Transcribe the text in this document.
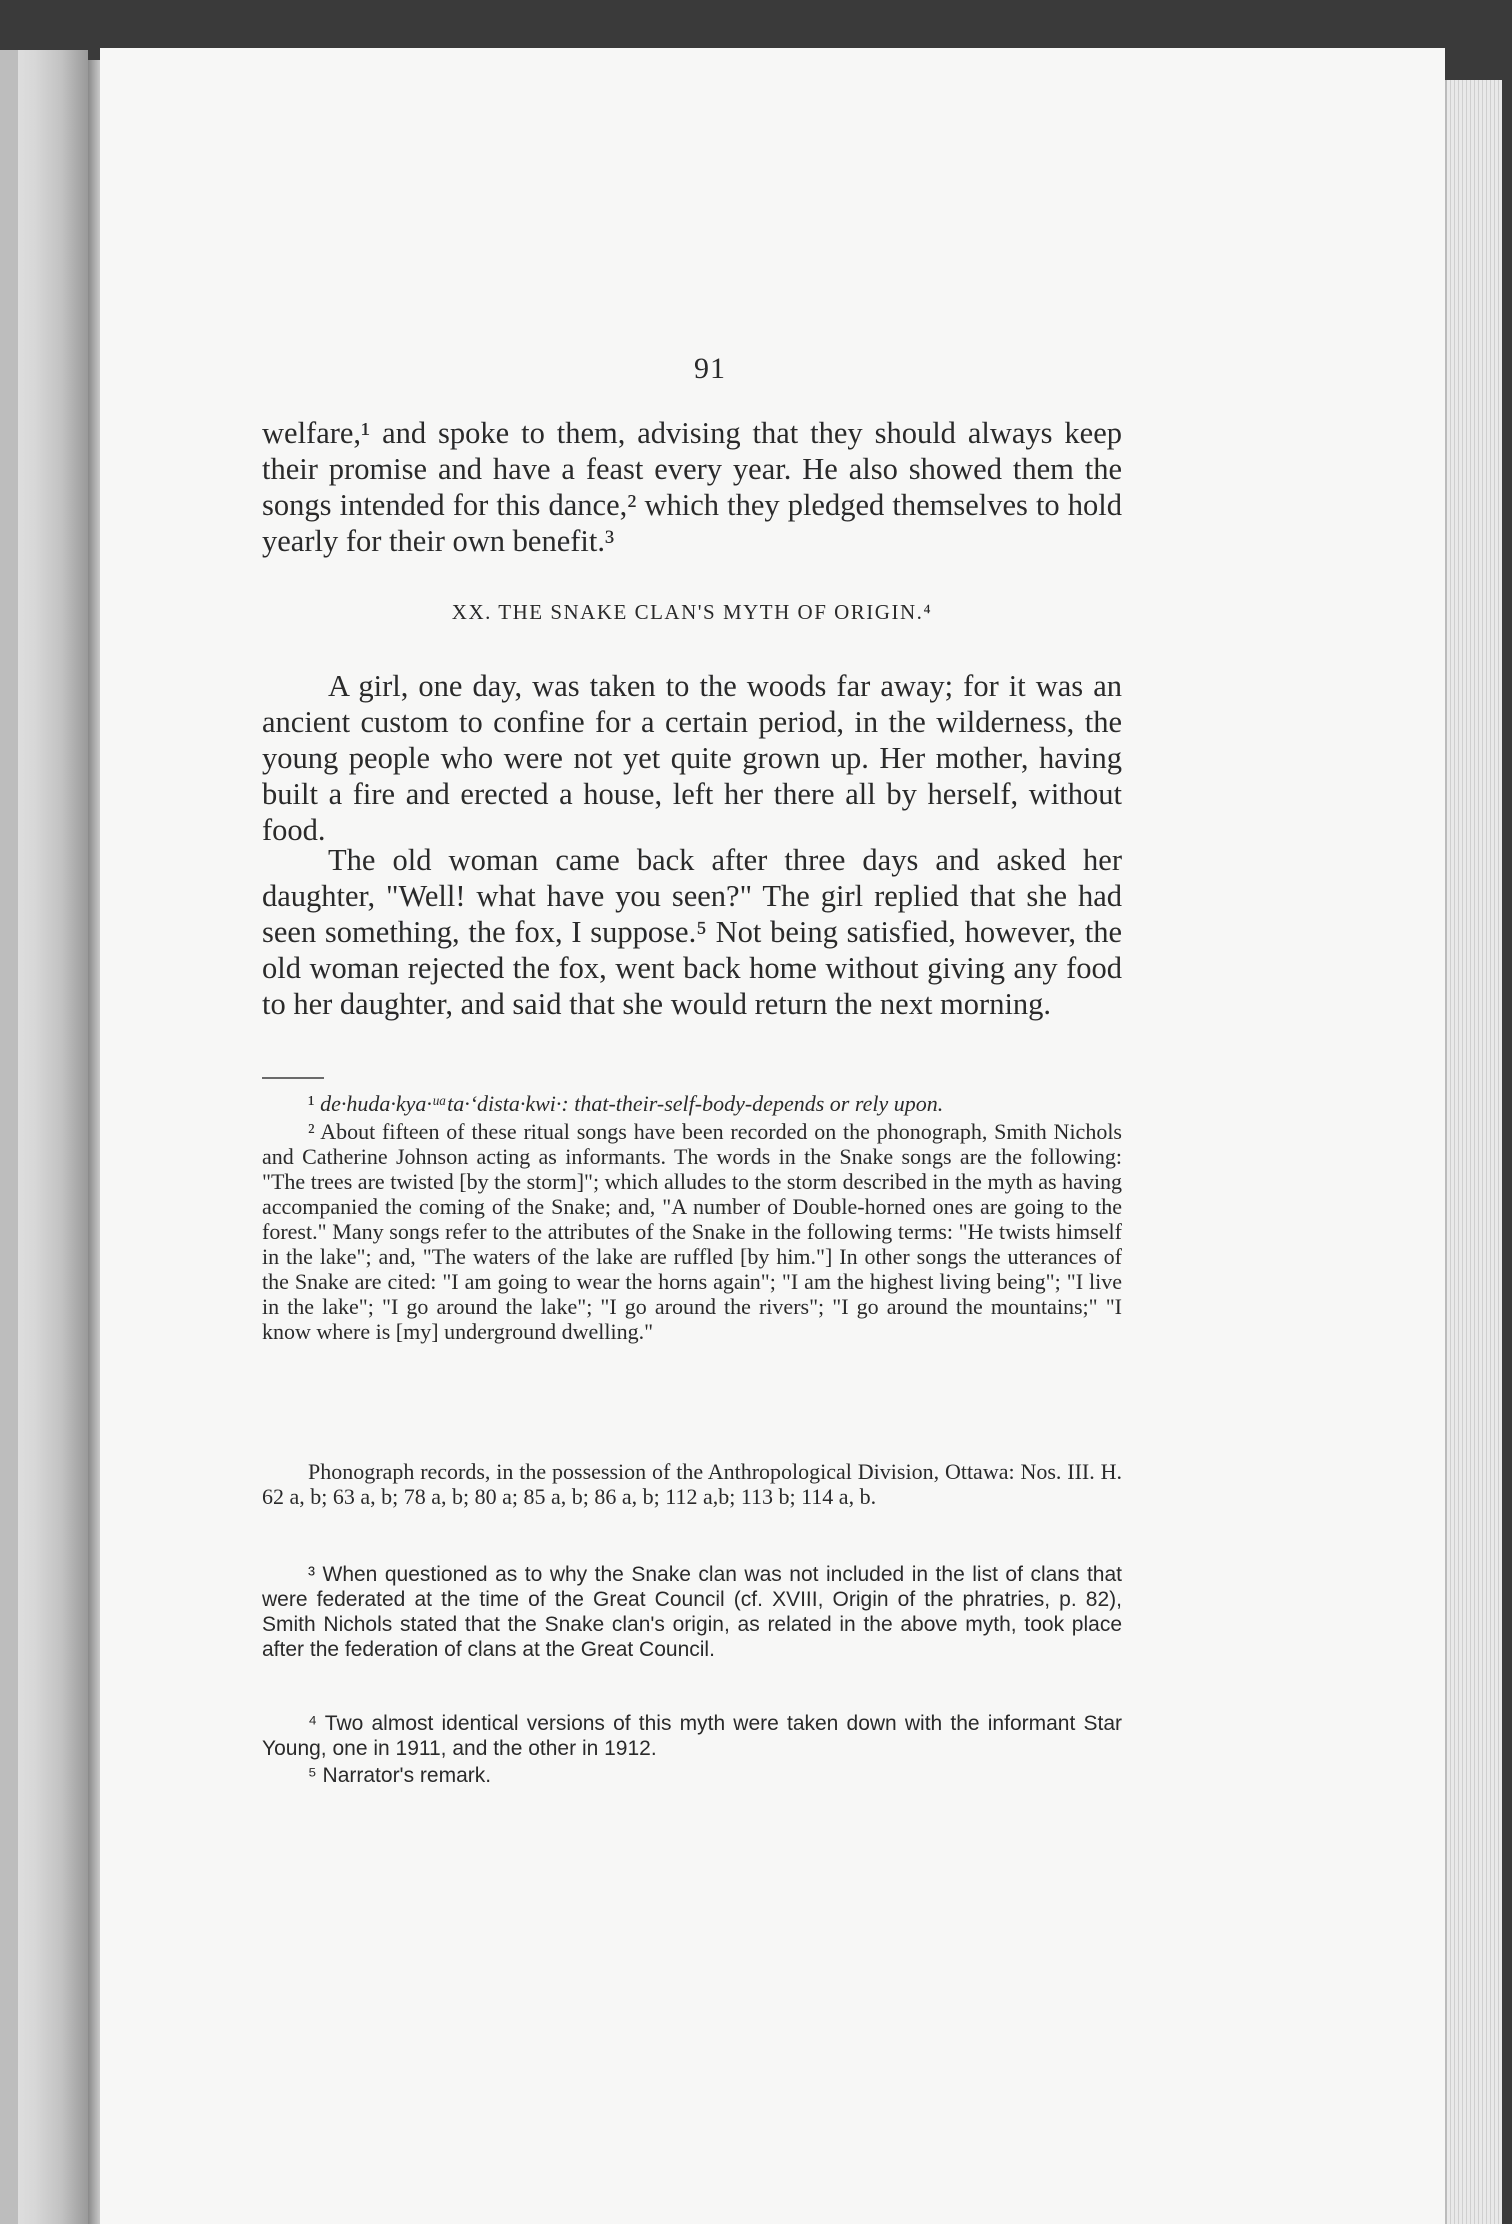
91

welfare,¹ and spoke to them, advising that they should always keep their promise and have a feast every year. He also showed them the songs intended for this dance,² which they pledged themselves to hold yearly for their own benefit.³

XX. THE SNAKE CLAN'S MYTH OF ORIGIN.⁴

A girl, one day, was taken to the woods far away; for it was an ancient custom to confine for a certain period, in the wilderness, the young people who were not yet quite grown up. Her mother, having built a fire and erected a house, left her there all by herself, without food.

The old woman came back after three days and asked her daughter, "Well! what have you seen?" The girl replied that she had seen something, the fox, I suppose.⁵ Not being satisfied, however, the old woman rejected the fox, went back home without giving any food to her daughter, and said that she would return the next morning.

¹ de·huda·kya·ᵘᵃta·‘dista·kwi·: that-their-self-body-depends or rely upon.

² About fifteen of these ritual songs have been recorded on the phonograph, Smith Nichols and Catherine Johnson acting as informants. The words in the Snake songs are the following: "The trees are twisted [by the storm]"; which alludes to the storm described in the myth as having accompanied the coming of the Snake; and, "A number of Double-horned ones are going to the forest." Many songs refer to the attributes of the Snake in the following terms: "He twists himself in the lake"; and, "The waters of the lake are ruffled [by him."] In other songs the utterances of the Snake are cited: "I am going to wear the horns again"; "I am the highest living being"; "I live in the lake"; "I go around the lake"; "I go around the rivers"; "I go around the mountains;" "I know where is [my] underground dwelling."

Phonograph records, in the possession of the Anthropological Division, Ottawa: Nos. III. H. 62 a, b; 63 a, b; 78 a, b; 80 a; 85 a, b; 86 a, b; 112 a,b; 113 b; 114 a, b.

³ When questioned as to why the Snake clan was not included in the list of clans that were federated at the time of the Great Council (cf. XVIII, Origin of the phratries, p. 82), Smith Nichols stated that the Snake clan's origin, as related in the above myth, took place after the federation of clans at the Great Council.

⁴ Two almost identical versions of this myth were taken down with the informant Star Young, one in 1911, and the other in 1912.

⁵ Narrator's remark.
